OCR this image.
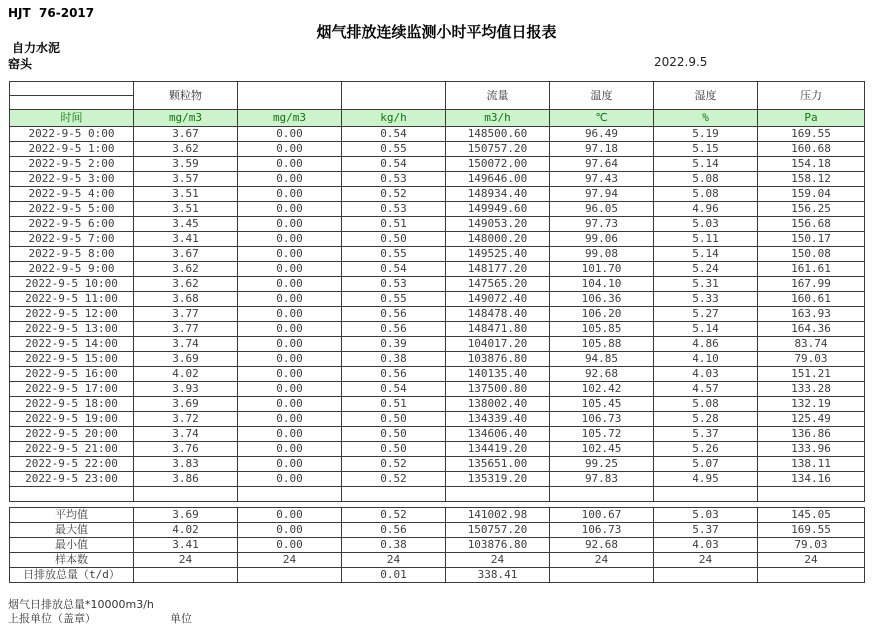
HJT  76-2017
烟气排放连续监测小时平均值日报表
自力水泥
窑头	2022.9.5
	颗粒物			流量	温度	湿度	压力

时间	mg/m3	mg/m3	kg/h	m3/h	℃	%	Pa
2022-9-5 0:00	3.67	0.00	0.54	148500.60	96.49	5.19	169.55
2022-9-5 1:00	3.62	0.00	0.55	150757.20	97.18	5.15	160.68
2022-9-5 2:00	3.59	0.00	0.54	150072.00	97.64	5.14	154.18
2022-9-5 3:00	3.57	0.00	0.53	149646.00	97.43	5.08	158.12
2022-9-5 4:00	3.51	0.00	0.52	148934.40	97.94	5.08	159.04
2022-9-5 5:00	3.51	0.00	0.53	149949.60	96.05	4.96	156.25
2022-9-5 6:00	3.45	0.00	0.51	149053.20	97.73	5.03	156.68
2022-9-5 7:00	3.41	0.00	0.50	148000.20	99.06	5.11	150.17
2022-9-5 8:00	3.67	0.00	0.55	149525.40	99.08	5.14	150.08
2022-9-5 9:00	3.62	0.00	0.54	148177.20	101.70	5.24	161.61
2022-9-5 10:00	3.62	0.00	0.53	147565.20	104.10	5.31	167.99
2022-9-5 11:00	3.68	0.00	0.55	149072.40	106.36	5.33	160.61
2022-9-5 12:00	3.77	0.00	0.56	148478.40	106.20	5.27	163.93
2022-9-5 13:00	3.77	0.00	0.56	148471.80	105.85	5.14	164.36
2022-9-5 14:00	3.74	0.00	0.39	104017.20	105.88	4.86	83.74
2022-9-5 15:00	3.69	0.00	0.38	103876.80	94.85	4.10	79.03
2022-9-5 16:00	4.02	0.00	0.56	140135.40	92.68	4.03	151.21
2022-9-5 17:00	3.93	0.00	0.54	137500.80	102.42	4.57	133.28
2022-9-5 18:00	3.69	0.00	0.51	138002.40	105.45	5.08	132.19
2022-9-5 19:00	3.72	0.00	0.50	134339.40	106.73	5.28	125.49
2022-9-5 20:00	3.74	0.00	0.50	134606.40	105.72	5.37	136.86
2022-9-5 21:00	3.76	0.00	0.50	134419.20	102.45	5.26	133.96
2022-9-5 22:00	3.83	0.00	0.52	135651.00	99.25	5.07	138.11
2022-9-5 23:00	3.86	0.00	0.52	135319.20	97.83	4.95	134.16

平均值	3.69	0.00	0.52	141002.98	100.67	5.03	145.05
最大值	4.02	0.00	0.56	150757.20	106.73	5.37	169.55
最小值	3.41	0.00	0.38	103876.80	92.68	4.03	79.03
样本数	24	24	24	24	24	24	24
日排放总量（t/d）			0.01	338.41			
烟气日排放总量*10000m3/h
上报单位（盖章）	单位
